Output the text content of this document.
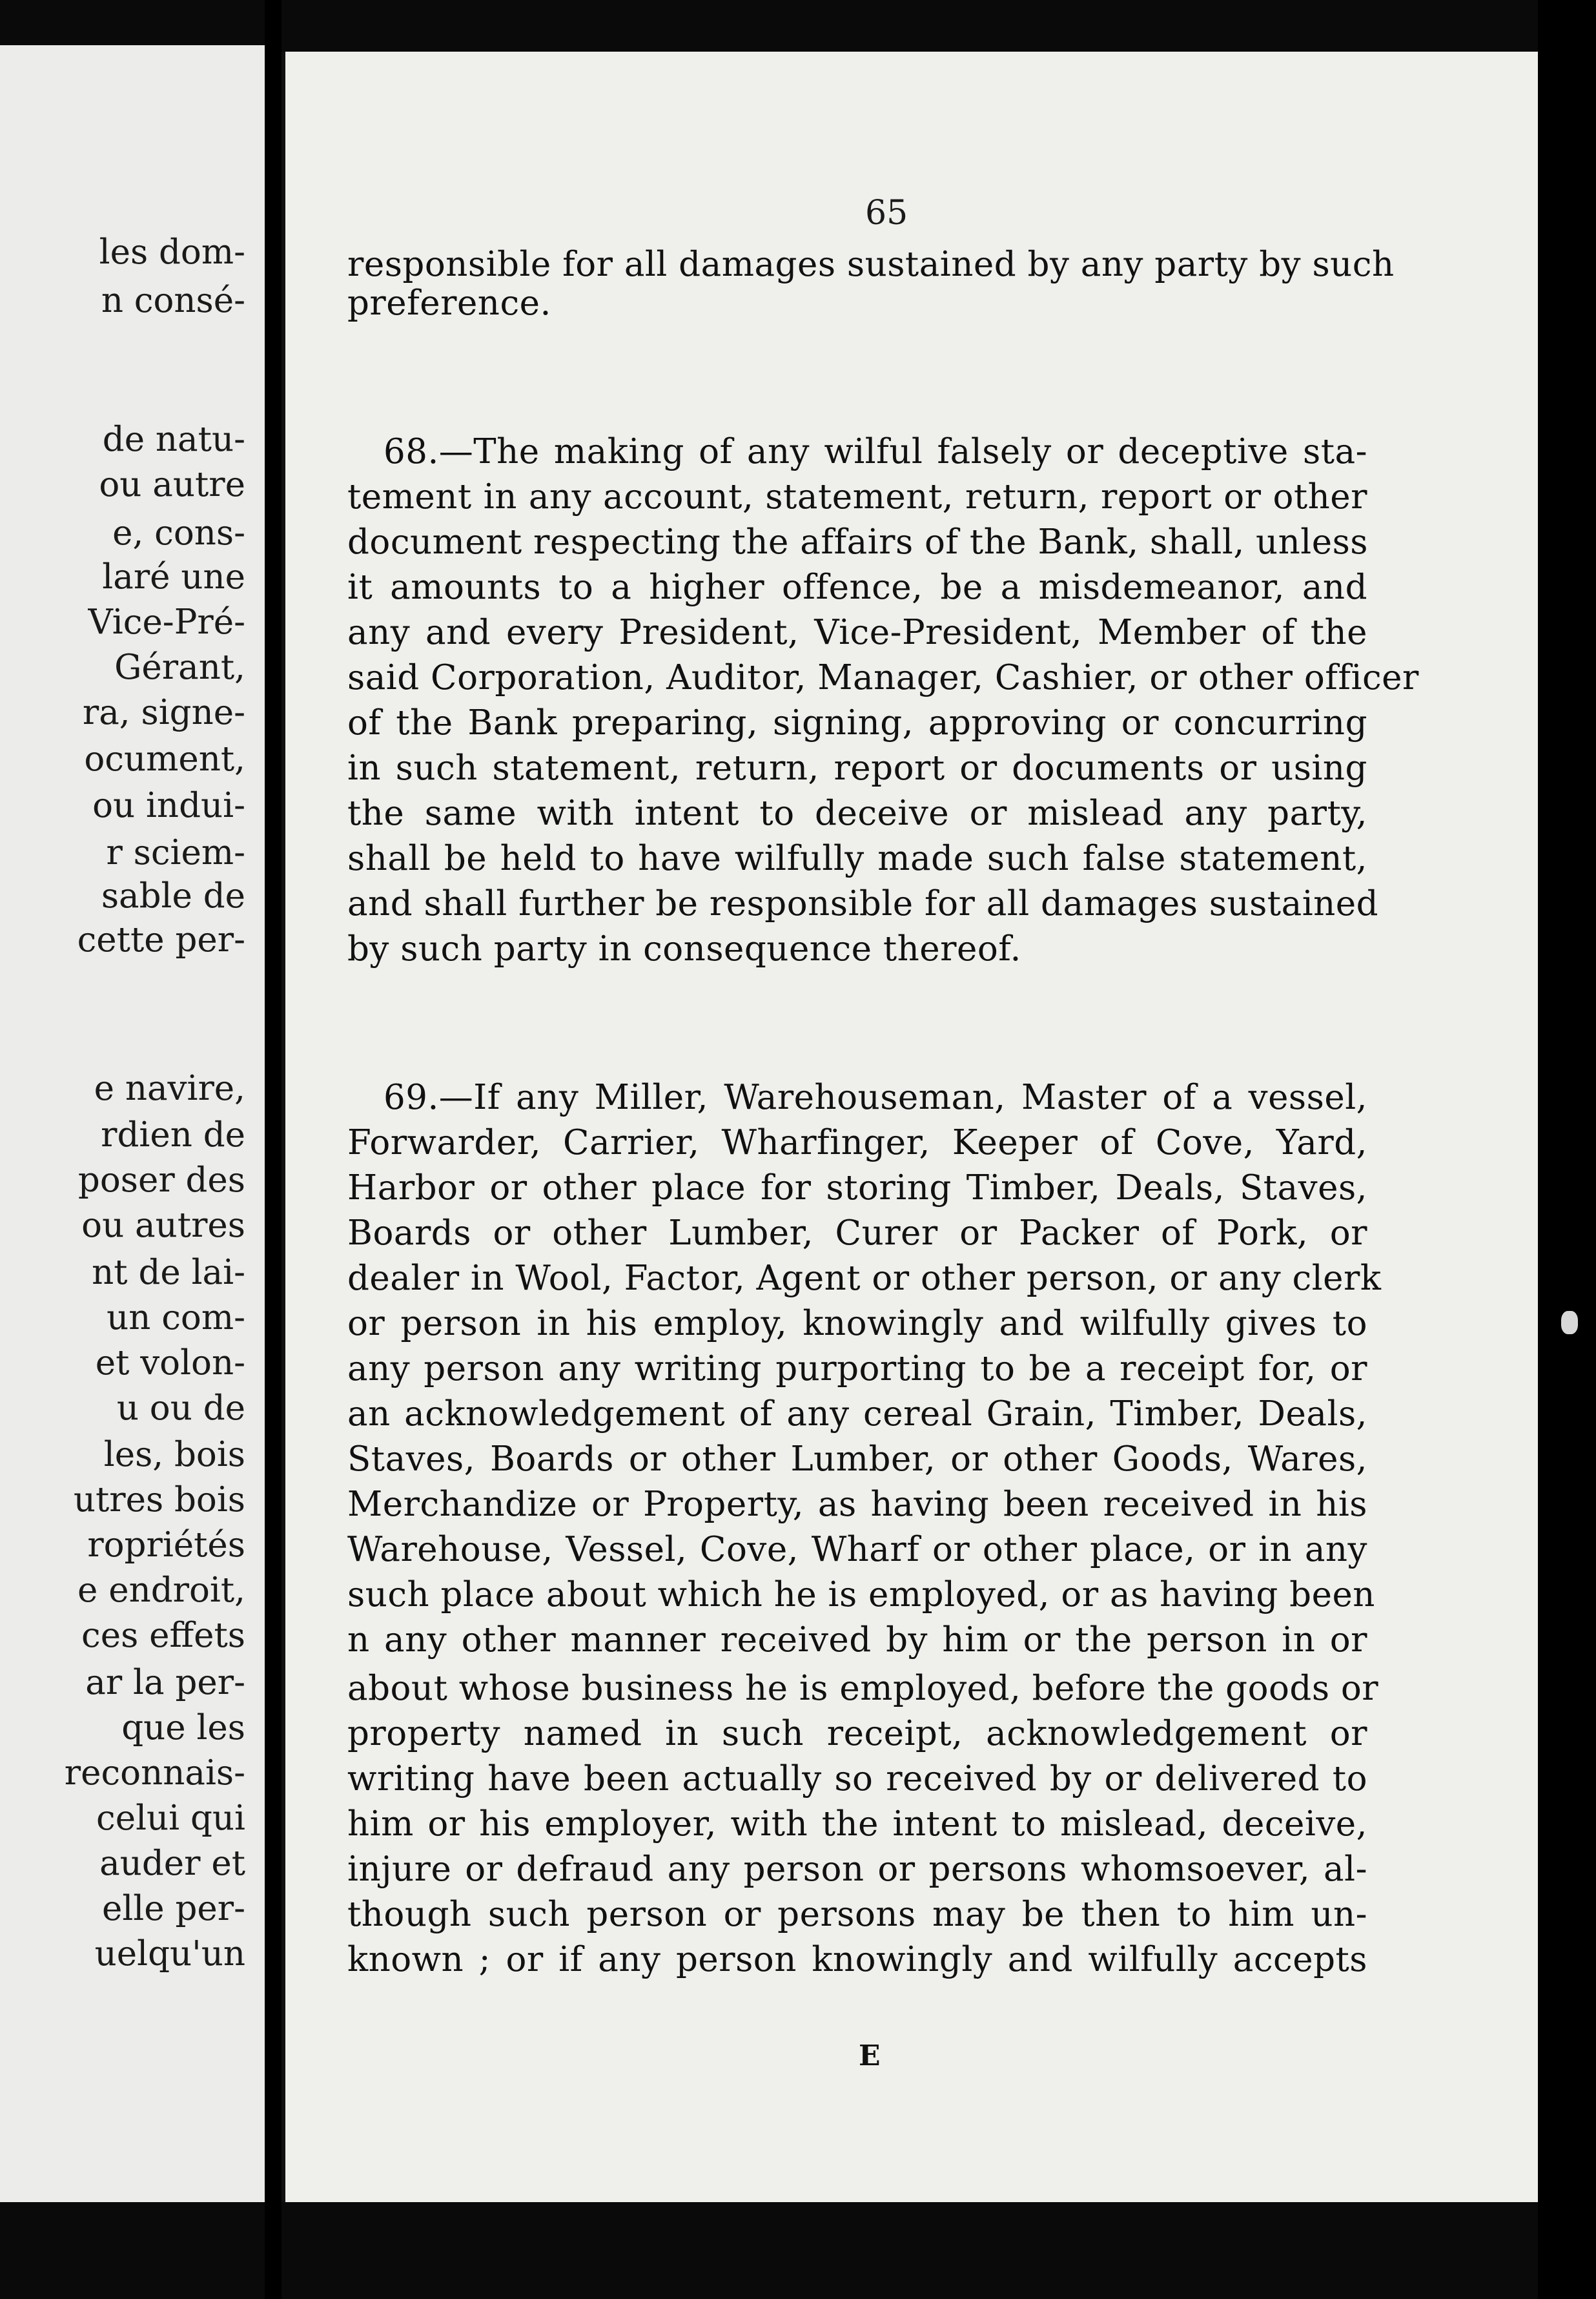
les dom-
n consé-
de natu-
ou autre
e, cons-
laré une
Vice-Pré-
Gérant,
ra, signe-
ocument,
ou indui-
r sciem-
sable de
cette per-
e navire,
rdien de
poser des
ou autres
nt de lai-
un com-
et volon-
u ou de
les, bois
utres bois
ropriétés
e endroit,
ces effets
ar la per-
que les
reconnais-
celui qui
auder et
elle per-
uelqu'un
responsible for all damages sustained by any party by such
preference.
68.—The making of any wilful falsely or deceptive sta-
tement in any account, statement, return, report or other
document respecting the affairs of the Bank, shall, unless
it amounts to a higher offence, be a misdemeanor, and
any and every President, Vice-President, Member of the
said Corporation, Auditor, Manager, Cashier, or other officer
of the Bank preparing, signing, approving or concurring
in such statement, return, report or documents or using
the same with intent to deceive or mislead any party,
shall be held to have wilfully made such false statement,
and shall further be responsible for all damages sustained
by such party in consequence thereof.
69.—If any Miller, Warehouseman, Master of a vessel,
Forwarder, Carrier, Wharfinger, Keeper of Cove, Yard,
Harbor or other place for storing Timber, Deals, Staves,
Boards or other Lumber, Curer or Packer of Pork, or
dealer in Wool, Factor, Agent or other person, or any clerk
or person in his employ, knowingly and wilfully gives to
any person any writing purporting to be a receipt for, or
an acknowledgement of any cereal Grain, Timber, Deals,
Staves, Boards or other Lumber, or other Goods, Wares,
Merchandize or Property, as having been received in his
Warehouse, Vessel, Cove, Wharf or other place, or in any
such place about which he is employed, or as having been
n any other manner received by him or the person in or
about whose business he is employed, before the goods or
property named in such receipt, acknowledgement or
writing have been actually so received by or delivered to
him or his employer, with the intent to mislead, deceive,
injure or defraud any person or persons whomsoever, al-
though such person or persons may be then to him un-
known ; or if any person knowingly and wilfully accepts
